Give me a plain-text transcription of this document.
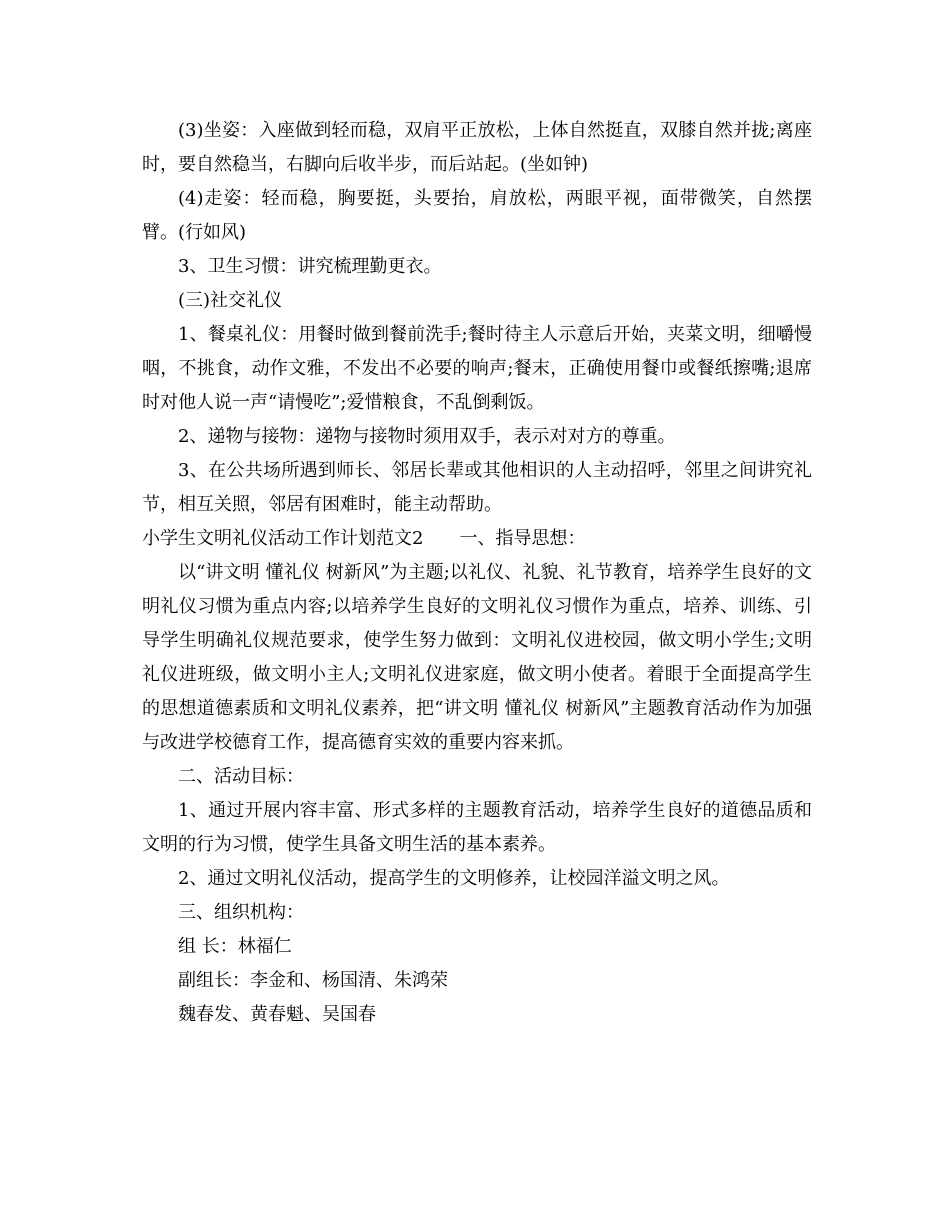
(3)坐姿：入座做到轻而稳，双肩平正放松，上体自然挺直，双膝自然并拢;离座时，要自然稳当，右脚向后收半步，而后站起。(坐如钟)

(4)走姿：轻而稳，胸要挺，头要抬，肩放松，两眼平视，面带微笑，自然摆臂。(行如风)

3、卫生习惯：讲究梳理勤更衣。

(三)社交礼仪

1、餐桌礼仪：用餐时做到餐前洗手;餐时待主人示意后开始，夹菜文明，细嚼慢咽，不挑食，动作文雅，不发出不必要的响声;餐末，正确使用餐巾或餐纸擦嘴;退席时对他人说一声“请慢吃”;爱惜粮食，不乱倒剩饭。

2、递物与接物：递物与接物时须用双手，表示对对方的尊重。

3、在公共场所遇到师长、邻居长辈或其他相识的人主动招呼，邻里之间讲究礼节，相互关照，邻居有困难时，能主动帮助。

小学生文明礼仪活动工作计划范文2 一、指导思想：

以“讲文明 懂礼仪 树新风”为主题;以礼仪、礼貌、礼节教育，培养学生良好的文明礼仪习惯为重点内容;以培养学生良好的文明礼仪习惯作为重点，培养、训练、引导学生明确礼仪规范要求，使学生努力做到：文明礼仪进校园，做文明小学生;文明礼仪进班级，做文明小主人;文明礼仪进家庭，做文明小使者。着眼于全面提高学生的思想道德素质和文明礼仪素养，把“讲文明 懂礼仪 树新风”主题教育活动作为加强与改进学校德育工作，提高德育实效的重要内容来抓。

二、活动目标：

1、通过开展内容丰富、形式多样的主题教育活动，培养学生良好的道德品质和文明的行为习惯，使学生具备文明生活的基本素养。

2、通过文明礼仪活动，提高学生的文明修养，让校园洋溢文明之风。

三、组织机构：

组 长：林福仁

副组长：李金和、杨国清、朱鸿荣

魏春发、黄春魁、吴国春
